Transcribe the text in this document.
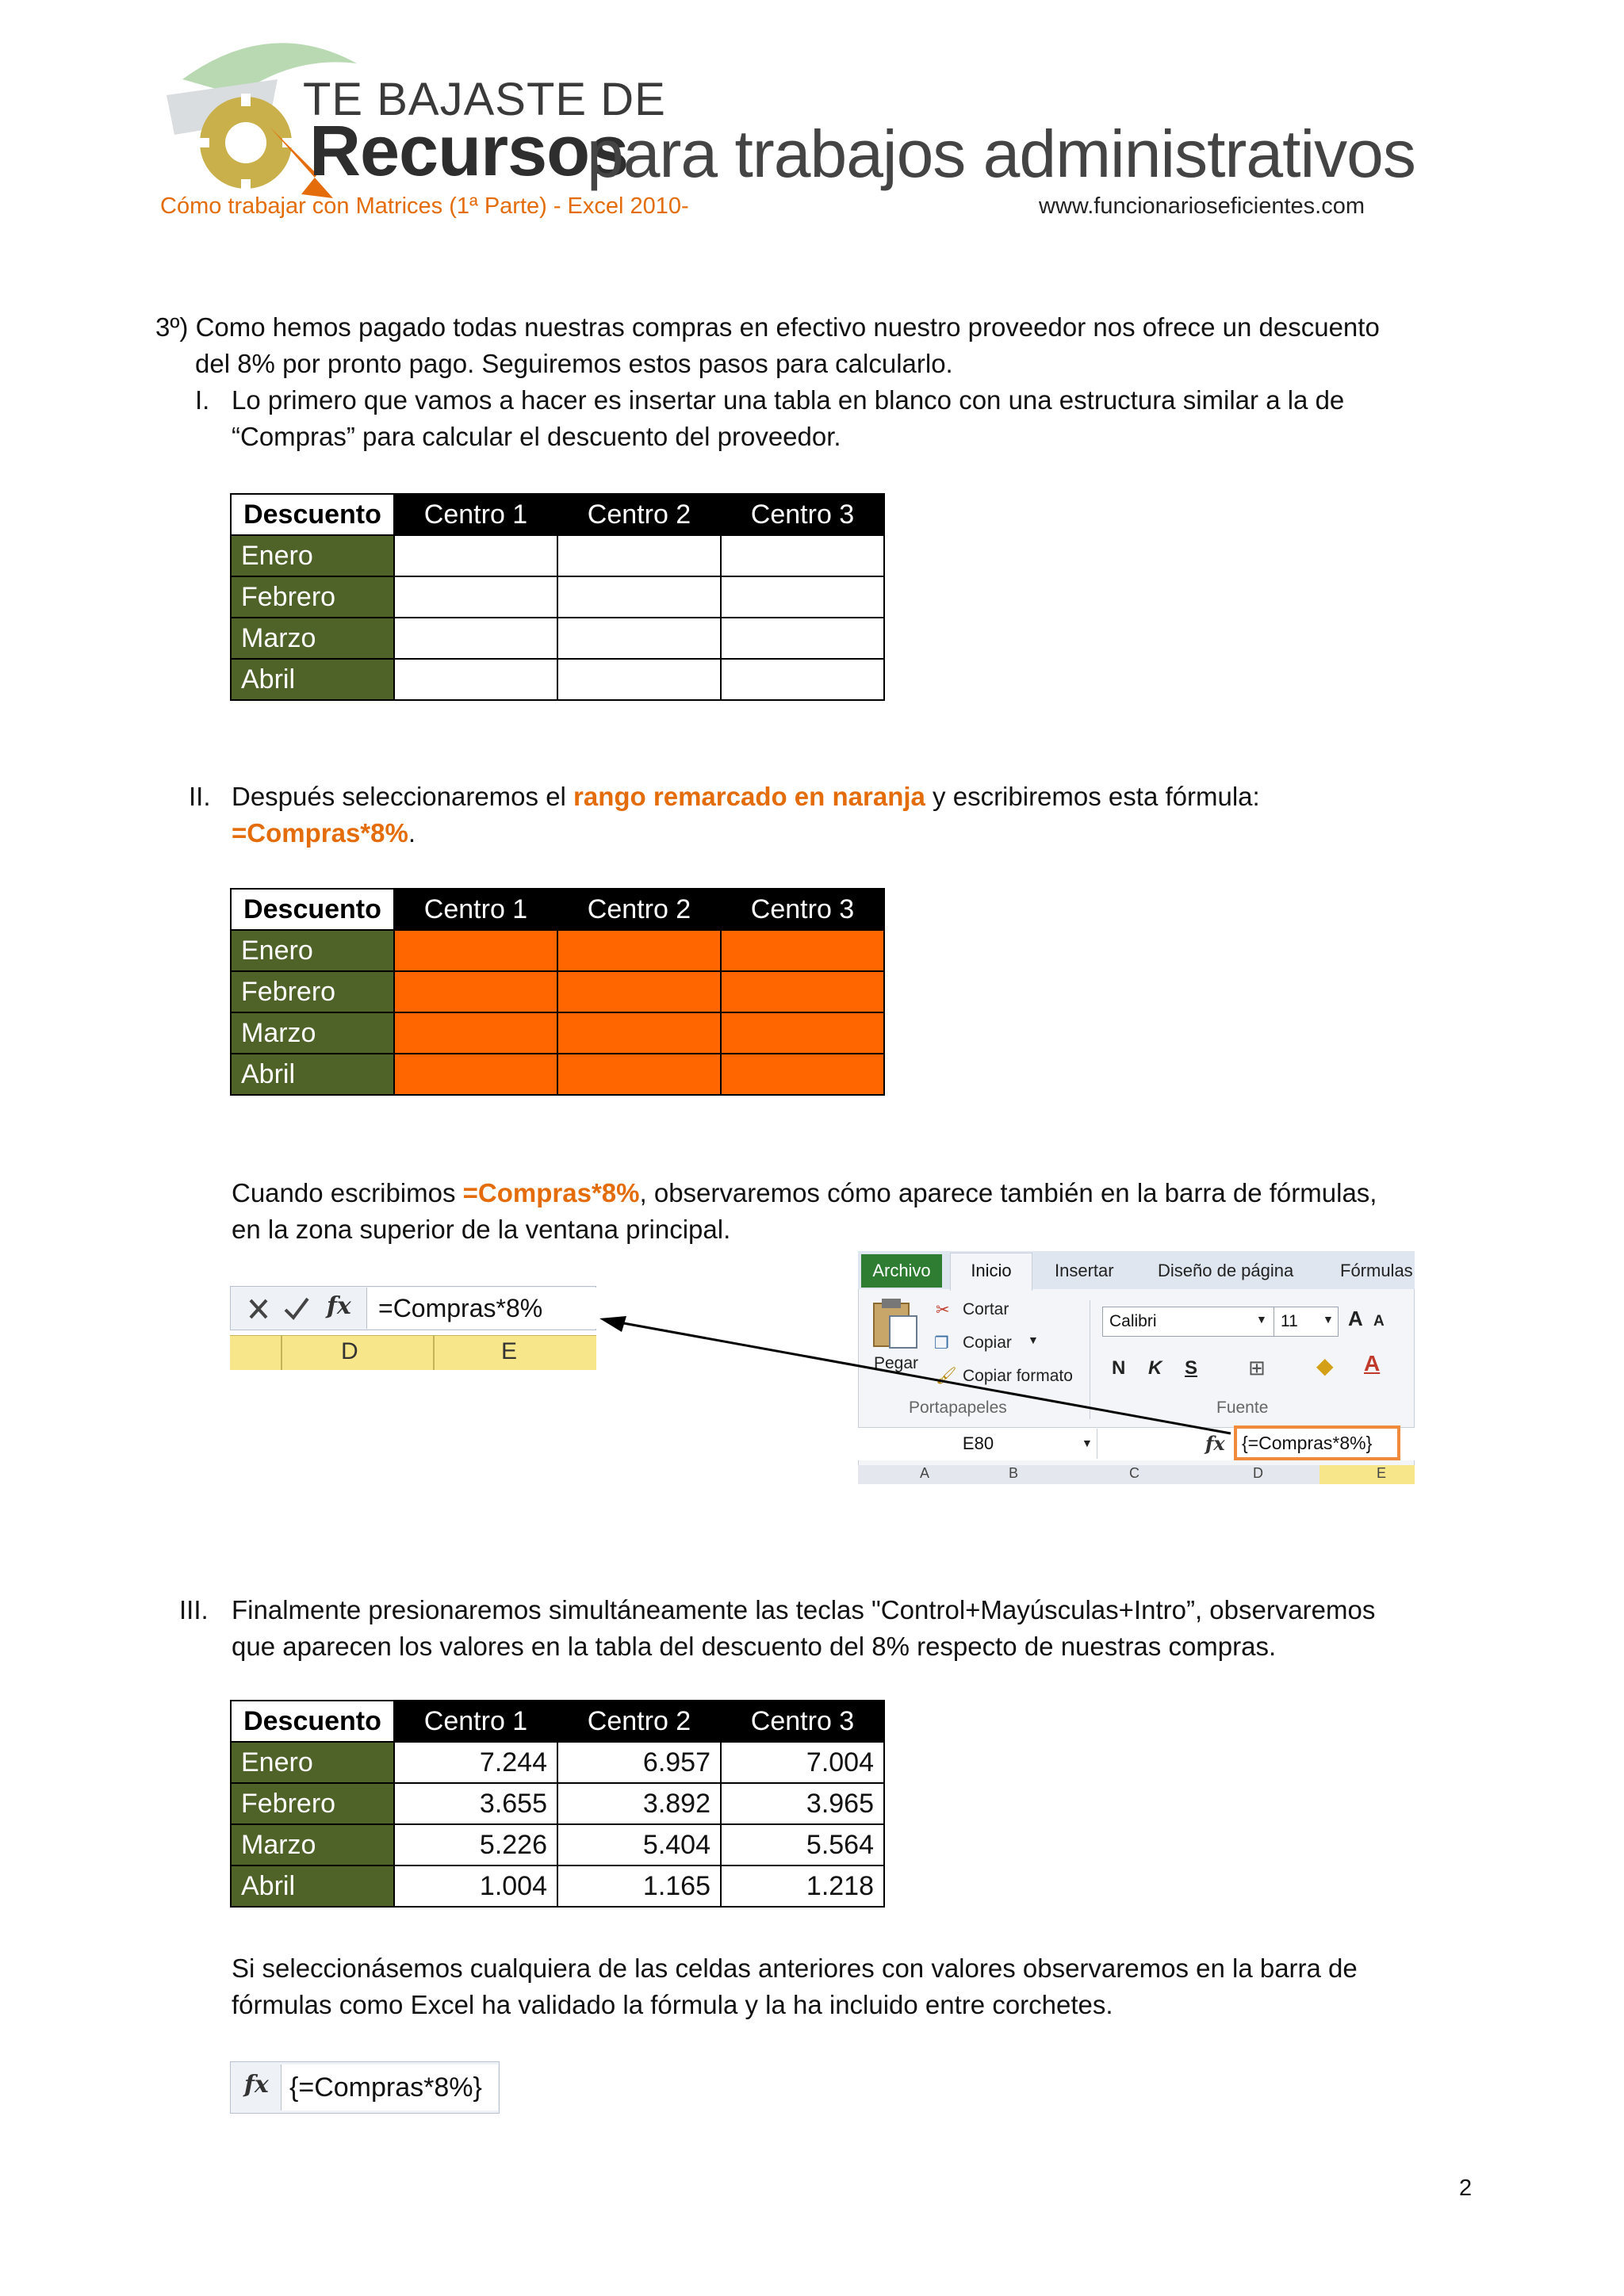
TE BAJASTE DE
Recursos
para trabajos administrativos
Cómo trabajar con Matrices (1ª Parte) - Excel 2010-	www.funcionarioseficientes.com
3º) Como hemos pagado todas nuestras compras en efectivo nuestro proveedor nos ofrece un descuento
del 8% por pronto pago. Seguiremos estos pasos para calcularlo.
I. Lo primero que vamos a hacer es insertar una tabla en blanco con una estructura similar a la de
“Compras” para calcular el descuento del proveedor.
Descuento	Centro 1	Centro 2	Centro 3
Enero			
Febrero			
Marzo			
Abril			
II. Después seleccionaremos el rango remarcado en naranja y escribiremos esta fórmula:
=Compras*8%.
Descuento	Centro 1	Centro 2	Centro 3
Enero			
Febrero			
Marzo			
Abril			
Cuando escribimos =Compras*8%, observaremos cómo aparece también en la barra de fórmulas,
en la zona superior de la ventana principal.
fx	=Compras*8%
D	E
Archivo	Inicio	Insertar	Diseño de página	Fórmulas
Pegar
✂ Cortar
❐ Copiar ▼
🖌 Copiar formato
Portapapeles
Calibri	▼ 11	▼ A A
N K S ⊞ ◆ A
Fuente
E80	▼	fx {=Compras*8%}
A	B	C	D	E
III. Finalmente presionaremos simultáneamente las teclas "Control+Mayúsculas+Intro”, observaremos
que aparecen los valores en la tabla del descuento del 8% respecto de nuestras compras.
Descuento	Centro 1	Centro 2	Centro 3
Enero	7.244	6.957	7.004
Febrero	3.655	3.892	3.965
Marzo	5.226	5.404	5.564
Abril	1.004	1.165	1.218
Si seleccionásemos cualquiera de las celdas anteriores con valores observaremos en la barra de
fórmulas como Excel ha validado la fórmula y la ha incluido entre corchetes.
fx {=Compras*8%}
2
